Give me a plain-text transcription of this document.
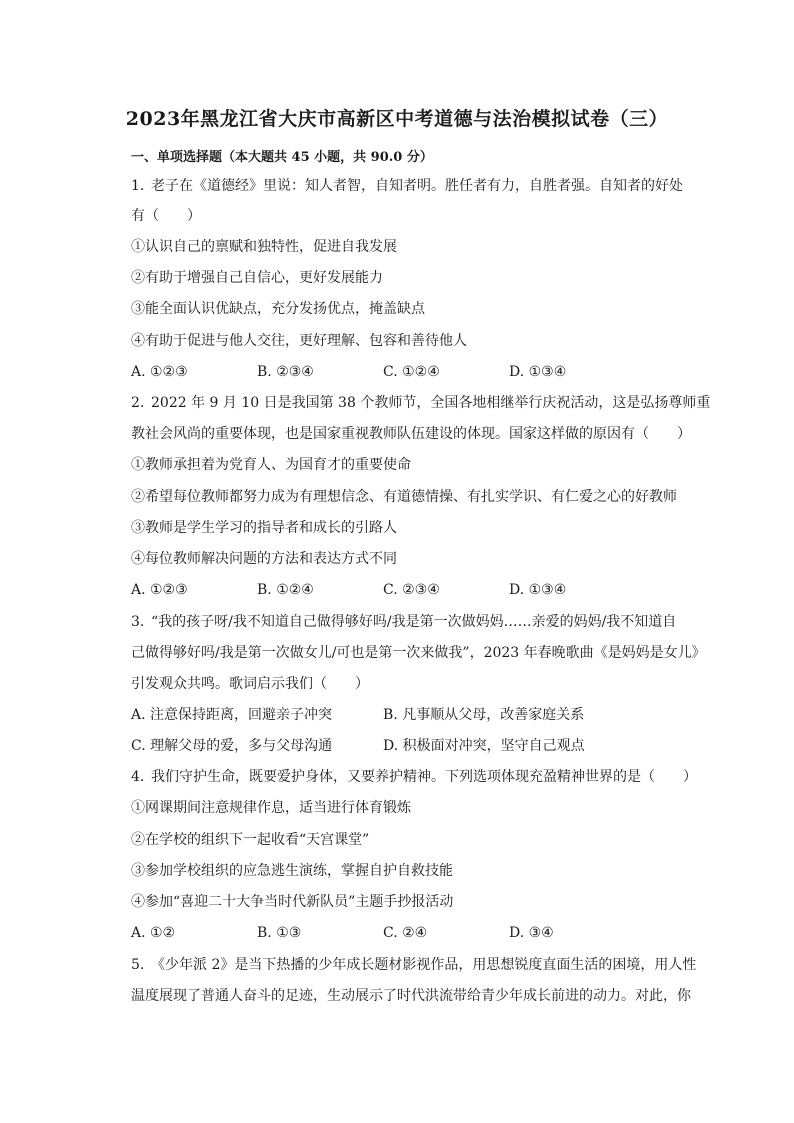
2023年黑龙江省大庆市高新区中考道德与法治模拟试卷（三）
一、单项选择题（本大题共 45 小题，共 90.0 分）
1. 老子在《道德经》里说：知人者智，自知者明。胜任者有力，自胜者强。自知者的好处
有（　　）
①认识自己的禀赋和独特性，促进自我发展
②有助于增强自己自信心，更好发展能力
③能全面认识优缺点，充分发扬优点，掩盖缺点
④有助于促进与他人交往，更好理解、包容和善待他人
A. ①②③	B. ②③④	C. ①②④	D. ①③④
2. 2022 年 9 月 10 日是我国第 38 个教师节，全国各地相继举行庆祝活动，这是弘扬尊师重
教社会风尚的重要体现，也是国家重视教师队伍建设的体现。国家这样做的原因有（　　）
①教师承担着为党育人、为国育才的重要使命
②希望每位教师都努力成为有理想信念、有道德情操、有扎实学识、有仁爱之心的好教师
③教师是学生学习的指导者和成长的引路人
④每位教师解决问题的方法和表达方式不同
A. ①②③	B. ①②④	C. ②③④	D. ①③④
3. “我的孩子呀/我不知道自己做得够好吗/我是第一次做妈妈……亲爱的妈妈/我不知道自
己做得够好吗/我是第一次做女儿/可也是第一次来做我”，2023 年春晚歌曲《是妈妈是女儿》
引发观众共鸣。歌词启示我们（　　）
A. 注意保持距离，回避亲子冲突	B. 凡事顺从父母，改善家庭关系
C. 理解父母的爱，多与父母沟通	D. 积极面对冲突，坚守自己观点
4. 我们守护生命，既要爱护身体，又要养护精神。下列选项体现充盈精神世界的是（　　）
①网课期间注意规律作息，适当进行体育锻炼
②在学校的组织下一起收看“天宫课堂”
③参加学校组织的应急逃生演练，掌握自护自救技能
④参加“喜迎二十大争当时代新队员”主题手抄报活动
A. ①②	B. ①③	C. ②④	D. ③④
5. 《少年派 2》是当下热播的少年成长题材影视作品，用思想锐度直面生活的困境，用人性
温度展现了普通人奋斗的足迹，生动展示了时代洪流带给青少年成长前进的动力。对此，你
